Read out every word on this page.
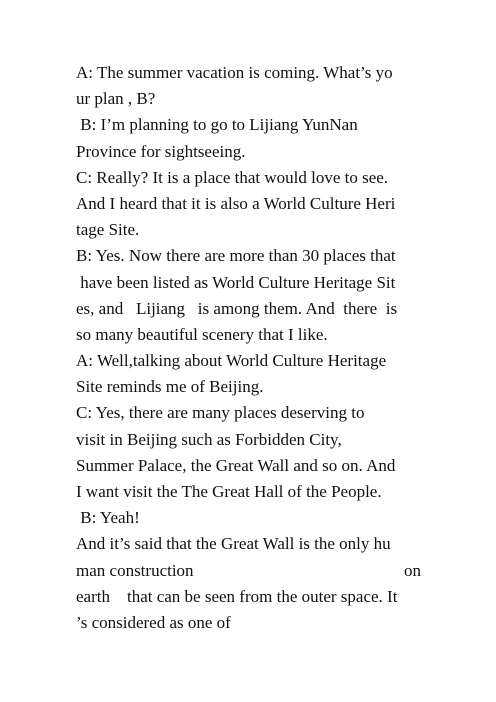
A: The summer vacation is coming. What’s yo
ur plan , B?
B: I’m planning to go to Lijiang YunNan
Province for sightseeing.
C: Really? It is a place that would love to see.
And I heard that it is also a World Culture Heri
tage Site.
B: Yes. Now there are more than 30 places that
have been listed as World Culture Heritage Sit
es, and   Lijiang   is among them. And  there  is
so many beautiful scenery that I like.
A: Well,talking about World Culture Heritage
Site reminds me of Beijing.
C: Yes, there are many places deserving to
visit in Beijing such as Forbidden City,
Summer Palace, the Great Wall and so on. And
I want visit the The Great Hall of the People.
B: Yeah!
And it’s said that the Great Wall is the only hu
man construction	on
earth    that can be seen from the outer space. It
’s considered as one of
